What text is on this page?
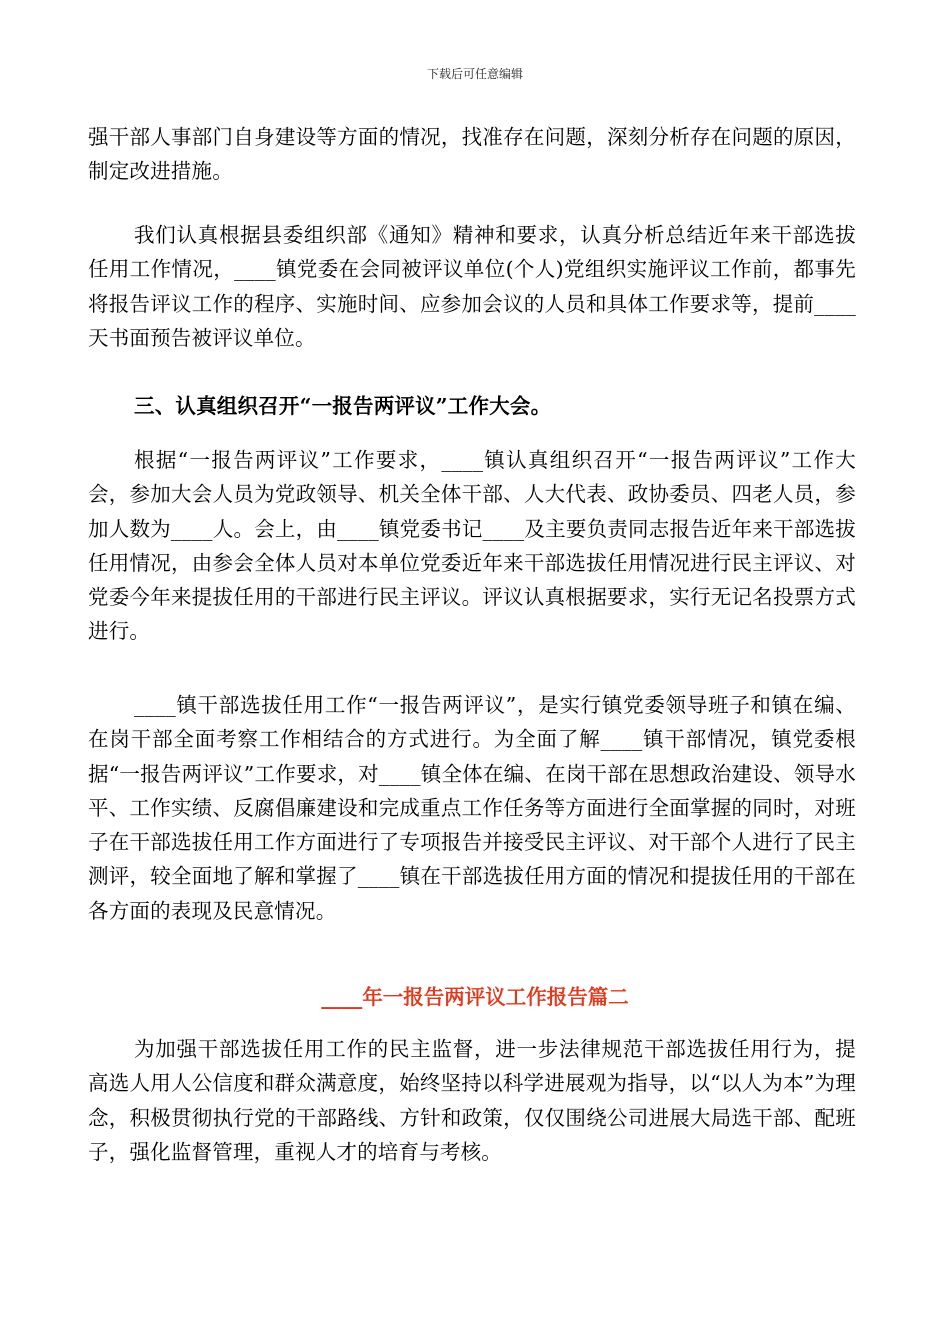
下载后可任意编辑

强干部人事部门自身建设等方面的情况，找准存在问题，深刻分析存在问题的原因，制定改进措施。

我们认真根据县委组织部《通知》精神和要求，认真分析总结近年来干部选拔任用工作情况，____镇党委在会同被评议单位(个人)党组织实施评议工作前，都事先将报告评议工作的程序、实施时间、应参加会议的人员和具体工作要求等，提前____天书面预告被评议单位。

三、认真组织召开“一报告两评议”工作大会。

根据“一报告两评议”工作要求，____镇认真组织召开“一报告两评议”工作大会，参加大会人员为党政领导、机关全体干部、人大代表、政协委员、四老人员，参加人数为____人。会上，由____镇党委书记____及主要负责同志报告近年来干部选拔任用情况，由参会全体人员对本单位党委近年来干部选拔任用情况进行民主评议、对党委今年来提拔任用的干部进行民主评议。评议认真根据要求，实行无记名投票方式进行。

____镇干部选拔任用工作“一报告两评议”，是实行镇党委领导班子和镇在编、在岗干部全面考察工作相结合的方式进行。为全面了解____镇干部情况，镇党委根据“一报告两评议”工作要求，对____镇全体在编、在岗干部在思想政治建设、领导水平、工作实绩、反腐倡廉建设和完成重点工作任务等方面进行全面掌握的同时，对班子在干部选拔任用工作方面进行了专项报告并接受民主评议、对干部个人进行了民主测评，较全面地了解和掌握了____镇在干部选拔任用方面的情况和提拔任用的干部在各方面的表现及民意情况。

____年一报告两评议工作报告篇二

为加强干部选拔任用工作的民主监督，进一步法律规范干部选拔任用行为，提高选人用人公信度和群众满意度，始终坚持以科学进展观为指导，以“以人为本”为理念，积极贯彻执行党的干部路线、方针和政策，仅仅围绕公司进展大局选干部、配班子，强化监督管理，重视人才的培育与考核。
